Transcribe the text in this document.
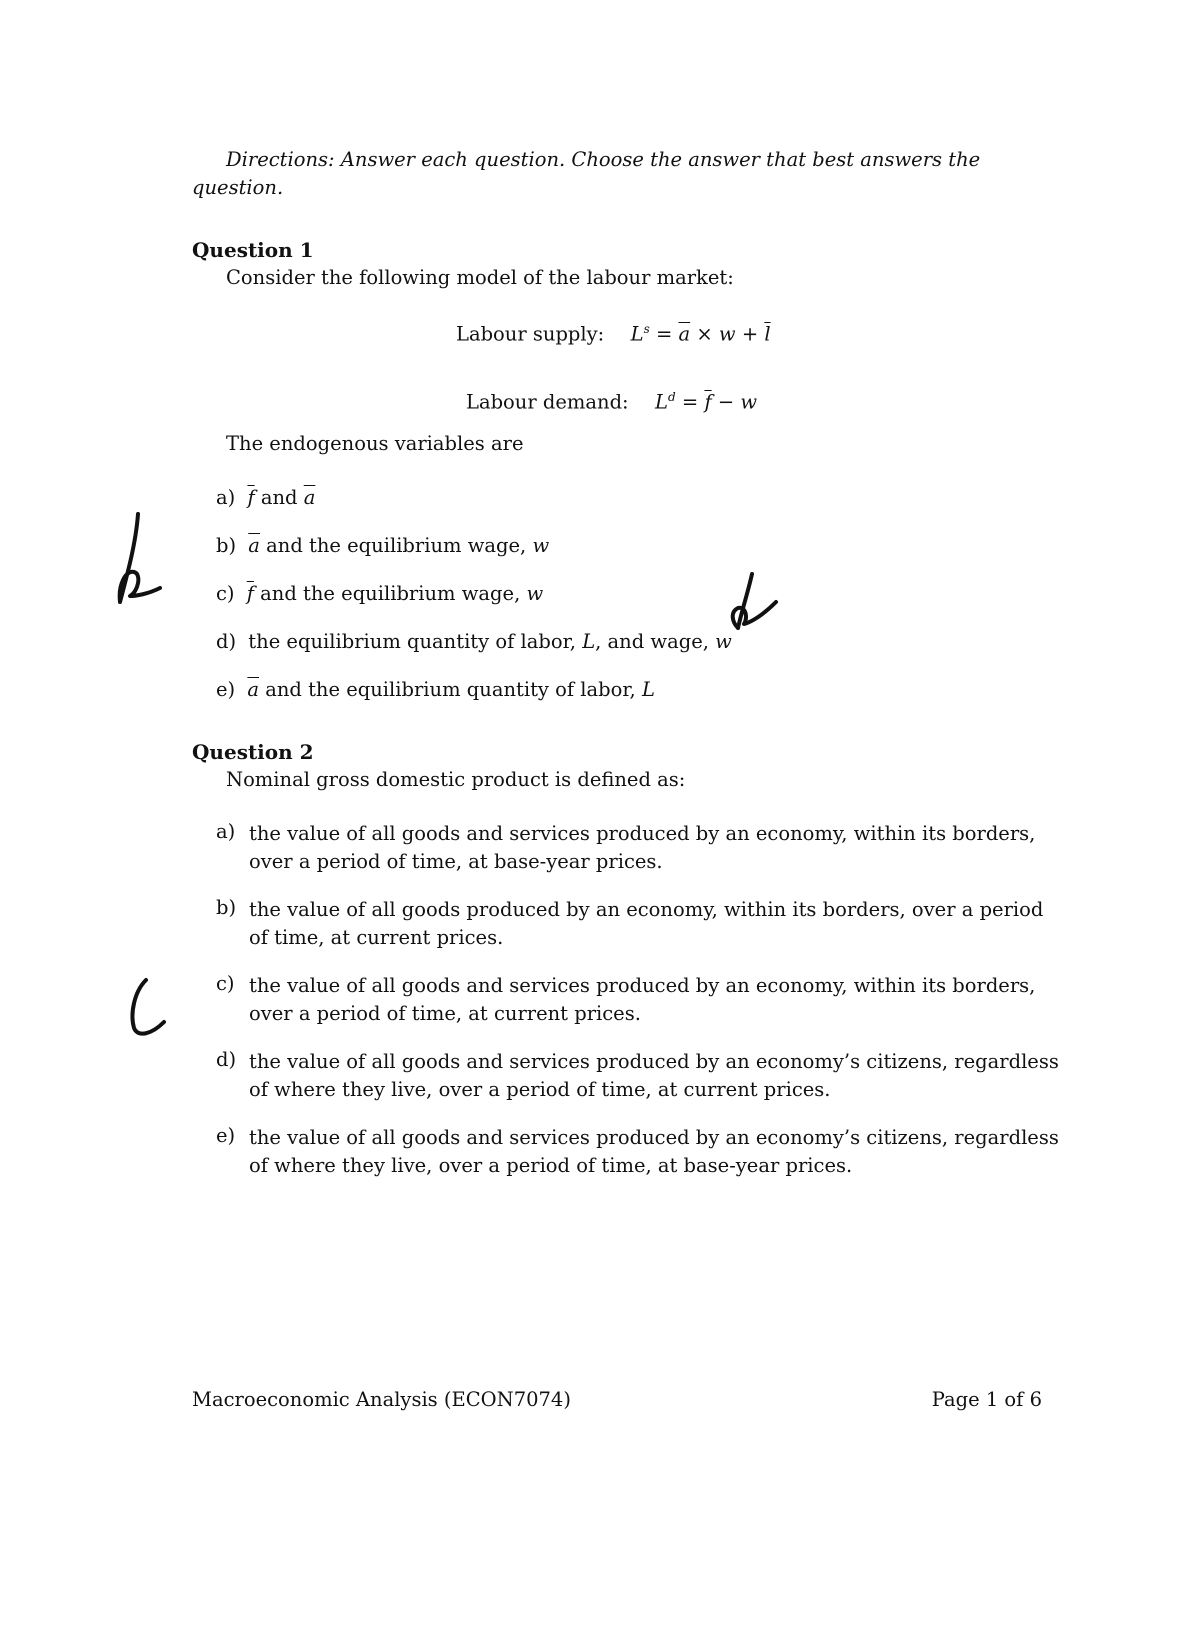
Directions: Answer each question. Choose the answer that best answers the question.
Question 1
Consider the following model of the labour market:
Labour supply: $L^s = \overline{a} \times w + \overline{l}$
Labour demand: $L^d = \overline{f} - w$
The endogenous variables are
a) $\overline{f}$ and $\overline{a}$
b) $\overline{a}$ and the equilibrium wage, w
c) $\overline{f}$ and the equilibrium wage, w
d) the equilibrium quantity of labor, L, and wage, w
e) $\overline{a}$ and the equilibrium quantity of labor, L
Question 2
Nominal gross domestic product is defined as:
a) the value of all goods and services produced by an economy, within its borders,
over a period of time, at base-year prices.
b) the value of all goods produced by an economy, within its borders, over a period
of time, at current prices.
c) the value of all goods and services produced by an economy, within its borders,
over a period of time, at current prices.
d) the value of all goods and services produced by an economy’s citizens, regardless
of where they live, over a period of time, at current prices.
e) the value of all goods and services produced by an economy’s citizens, regardless
of where they live, over a period of time, at base-year prices.
Macroeconomic Analysis (ECON7074)	Page 1 of 6
